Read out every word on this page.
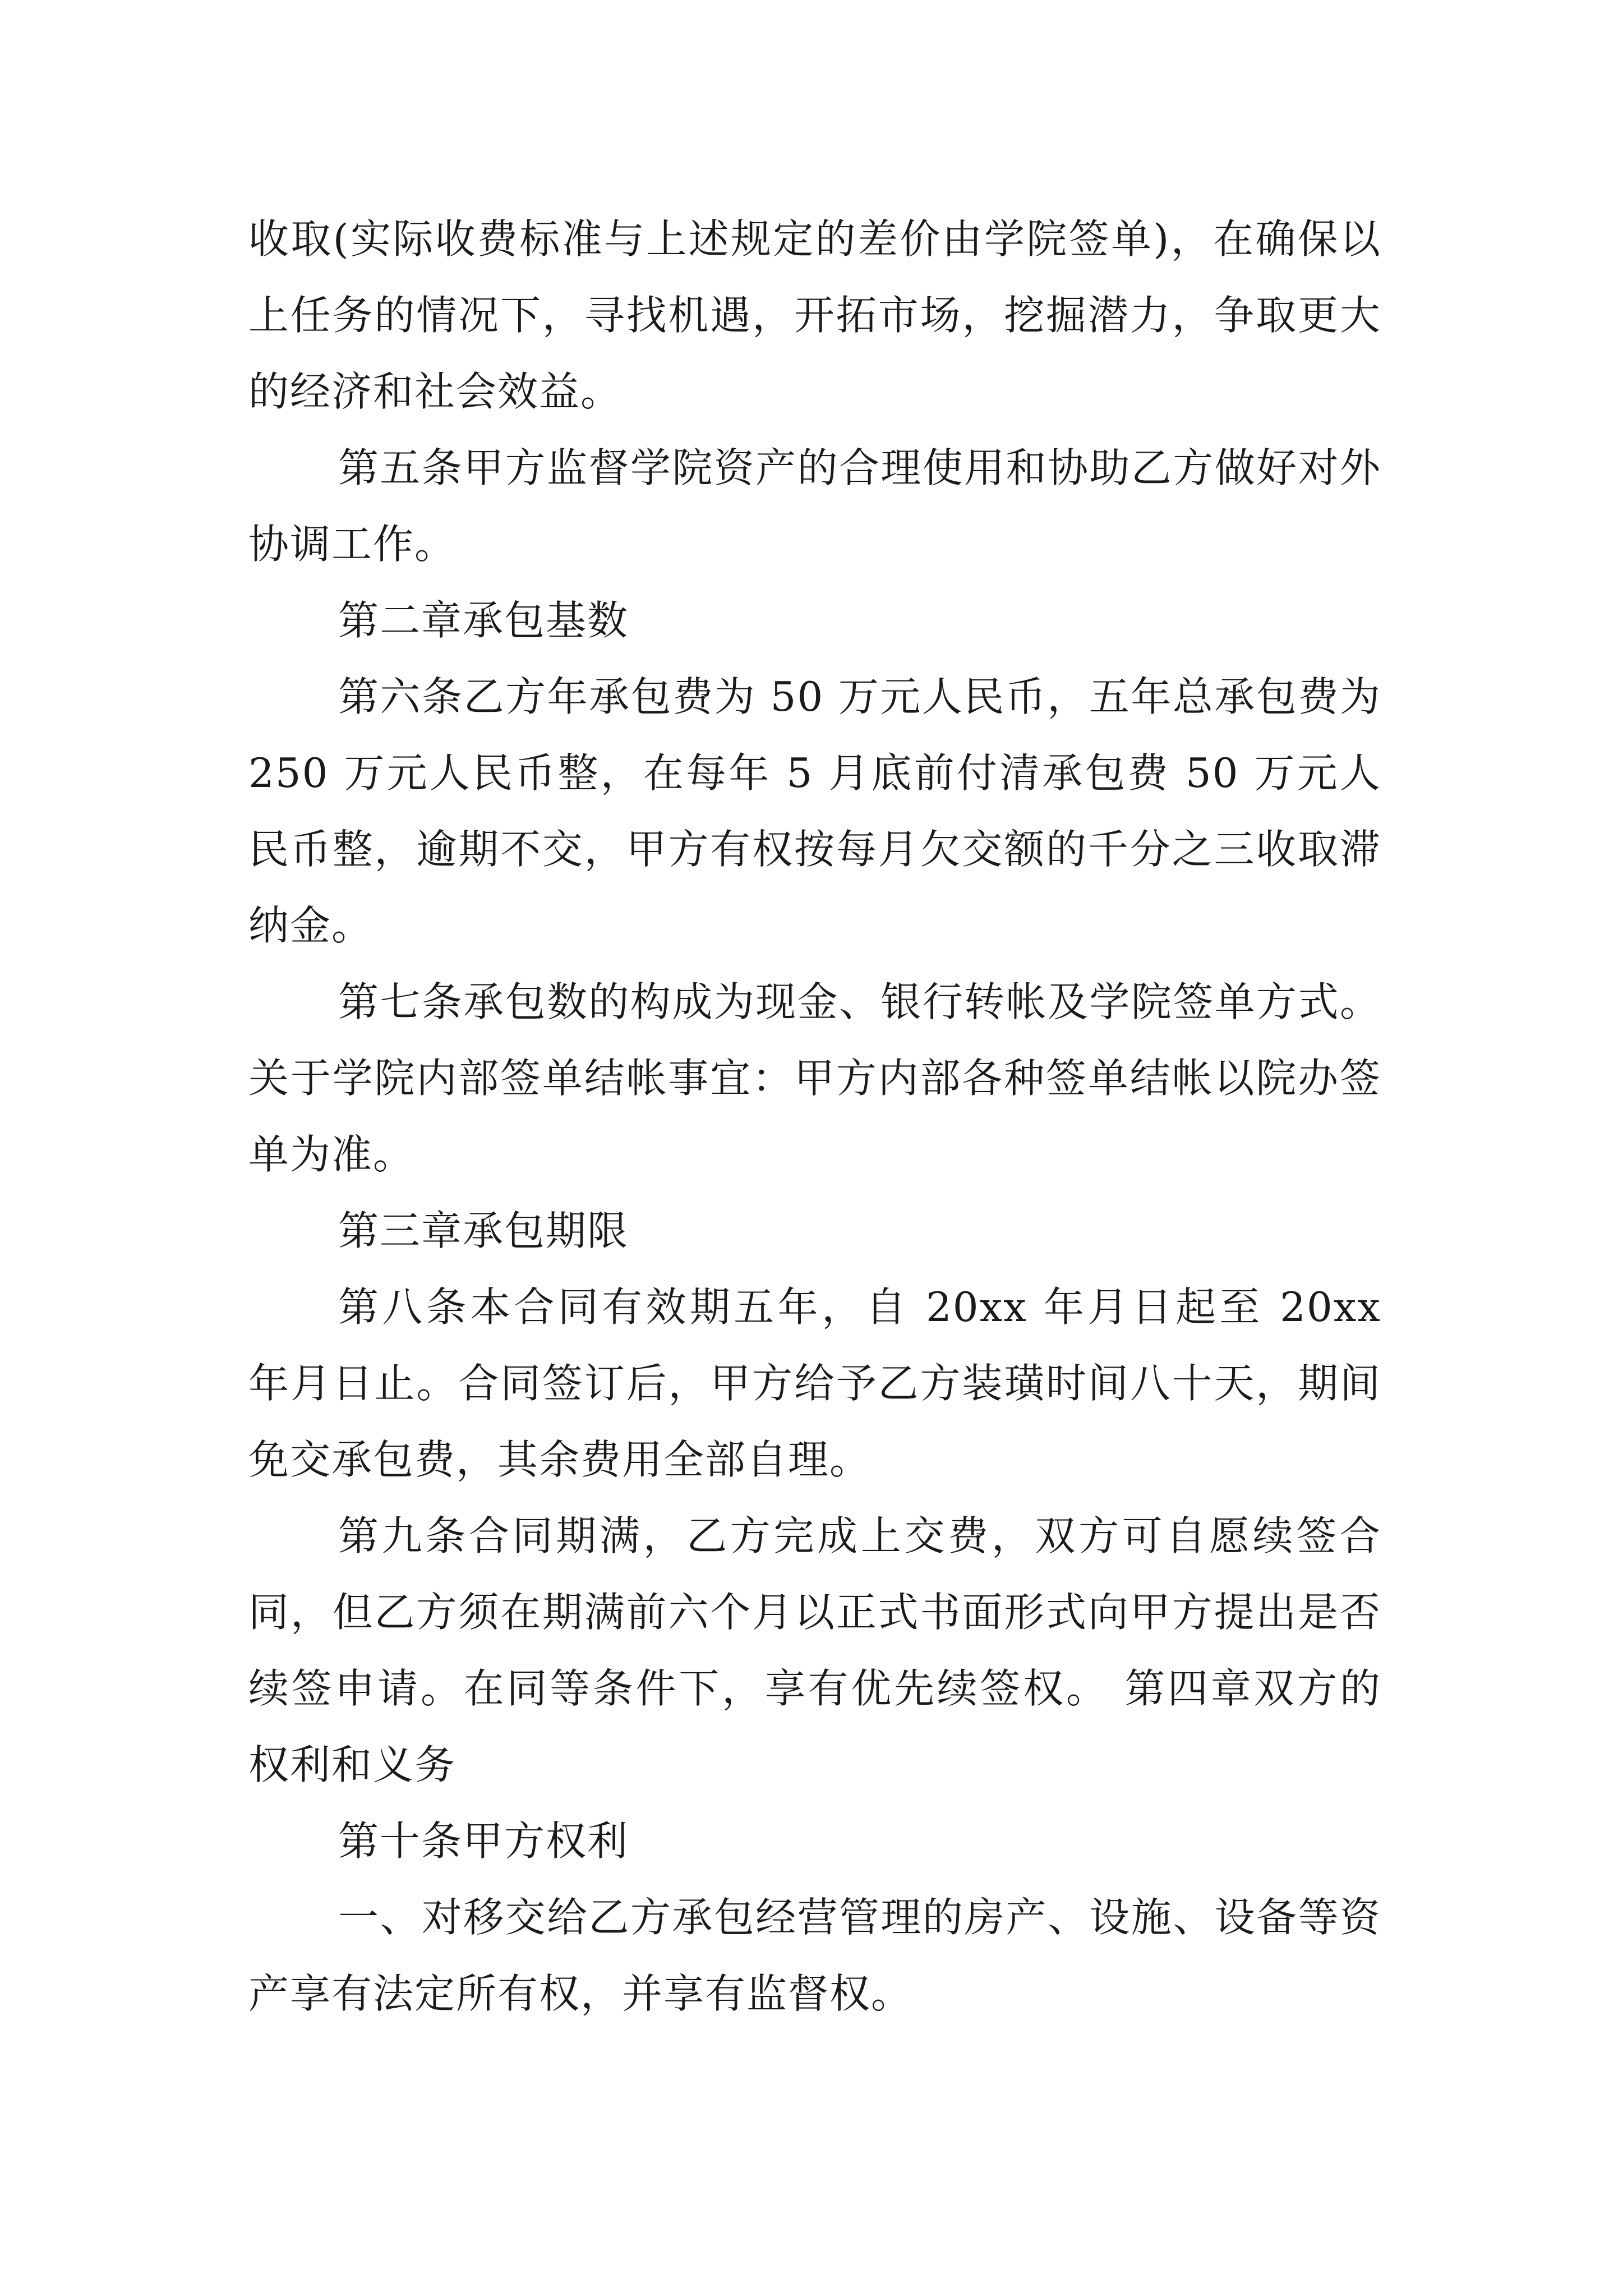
收取(实际收费标准与上述规定的差价由学院签单)，在确保以上任务的情况下，寻找机遇，开拓市场，挖掘潜力，争取更大的经济和社会效益。

第五条甲方监督学院资产的合理使用和协助乙方做好对外协调工作。

第二章承包基数

第六条乙方年承包费为 50 万元人民币，五年总承包费为 250 万元人民币整，在每年 5 月底前付清承包费 50 万元人民币整，逾期不交，甲方有权按每月欠交额的千分之三收取滞纳金。

第七条承包数的构成为现金、银行转帐及学院签单方式。关于学院内部签单结帐事宜：甲方内部各种签单结帐以院办签单为准。

第三章承包期限

第八条本合同有效期五年，自 20xx 年月日起至 20xx 年月日止。合同签订后，甲方给予乙方装璜时间八十天，期间免交承包费，其余费用全部自理。

第九条合同期满，乙方完成上交费，双方可自愿续签合同，但乙方须在期满前六个月以正式书面形式向甲方提出是否续签申请。在同等条件下，享有优先续签权。 第四章双方的权利和义务

第十条甲方权利

一、对移交给乙方承包经营管理的房产、设施、设备等资产享有法定所有权，并享有监督权。
